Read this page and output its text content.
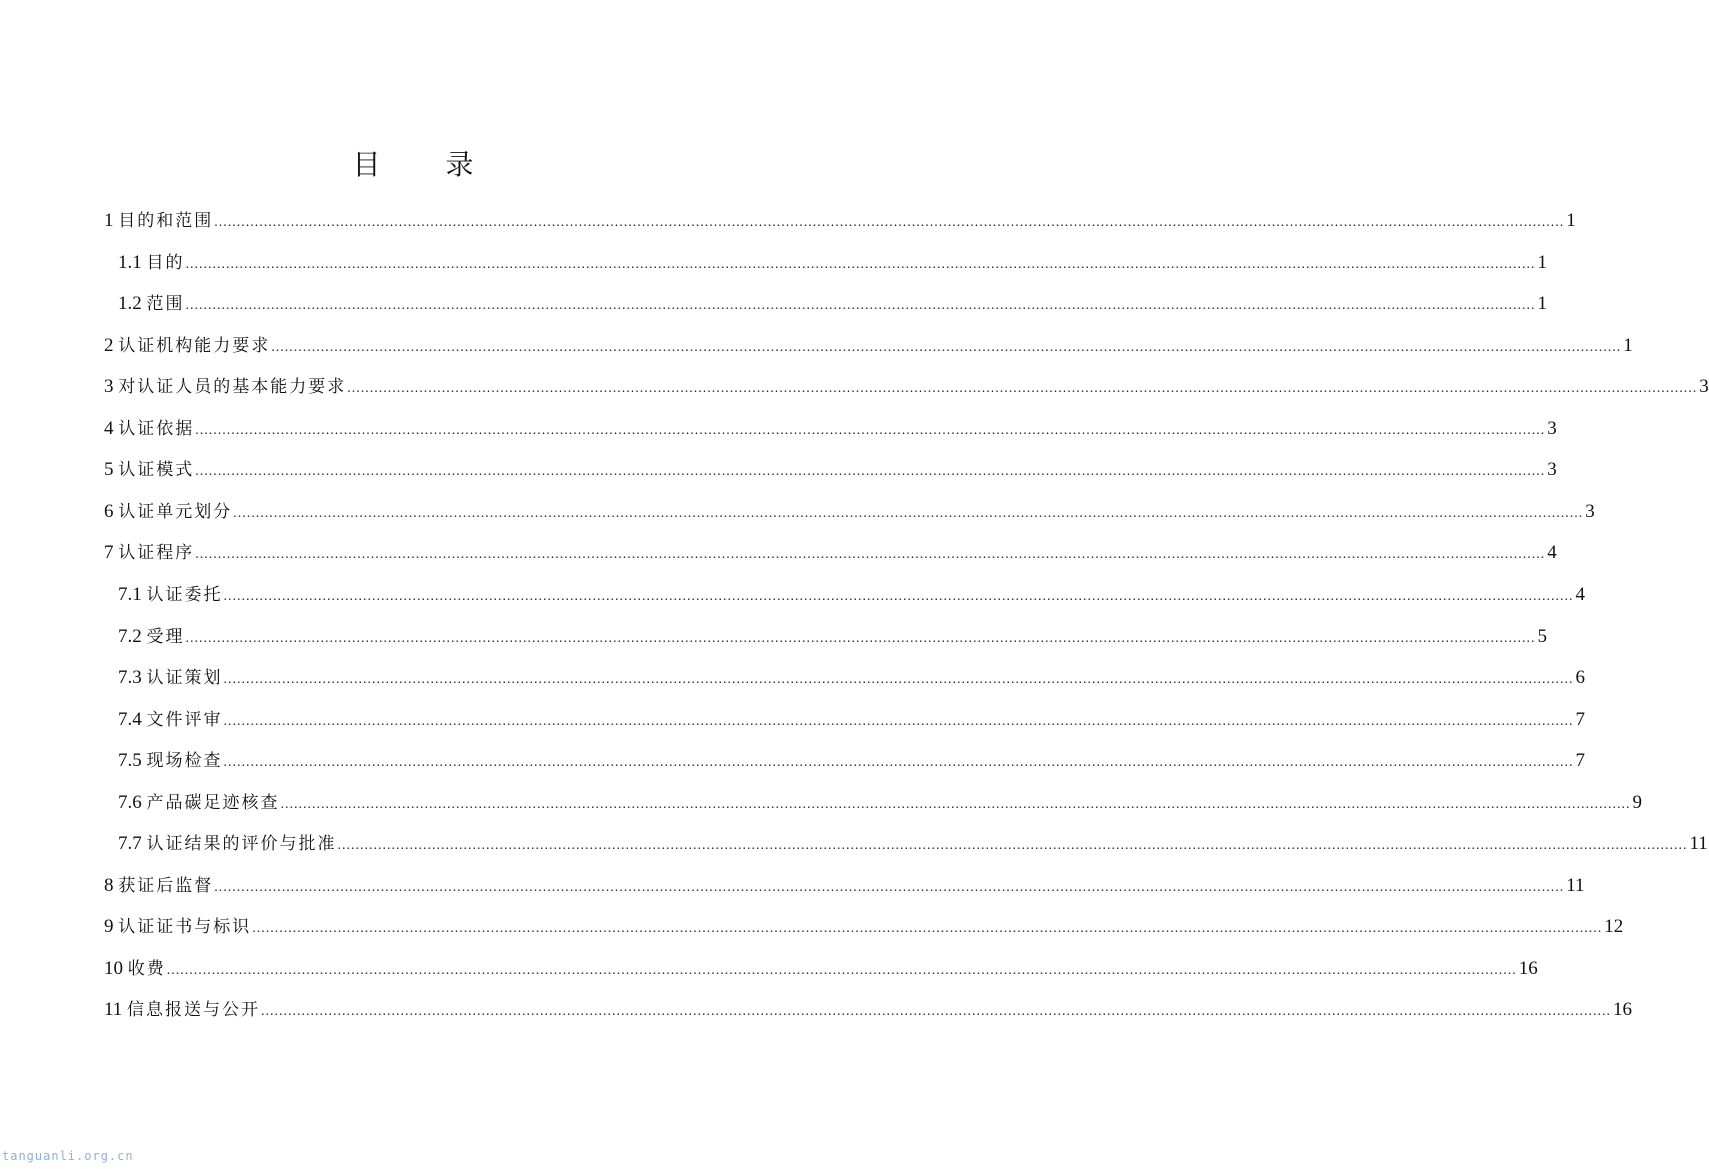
目 录
1 目的和范围 ............................................................................................................................................................................................................................................................................................................ 1
1.1 目的 ............................................................................................................................................................................................................................................................................................................ 1
1.2 范围 ............................................................................................................................................................................................................................................................................................................ 1
2 认证机构能力要求 ............................................................................................................................................................................................................................................................................................................ 1
3 对认证人员的基本能力要求 ............................................................................................................................................................................................................................................................................................................ 3
4 认证依据 ............................................................................................................................................................................................................................................................................................................ 3
5 认证模式 ............................................................................................................................................................................................................................................................................................................ 3
6 认证单元划分 ............................................................................................................................................................................................................................................................................................................ 3
7 认证程序 ............................................................................................................................................................................................................................................................................................................ 4
7.1 认证委托 ............................................................................................................................................................................................................................................................................................................ 4
7.2 受理 ............................................................................................................................................................................................................................................................................................................ 5
7.3 认证策划 ............................................................................................................................................................................................................................................................................................................ 6
7.4 文件评审 ............................................................................................................................................................................................................................................................................................................ 7
7.5 现场检查 ............................................................................................................................................................................................................................................................................................................ 7
7.6 产品碳足迹核查 ............................................................................................................................................................................................................................................................................................................ 9
7.7 认证结果的评价与批准 ............................................................................................................................................................................................................................................................................................................ 11
8 获证后监督 ............................................................................................................................................................................................................................................................................................................ 11
9 认证证书与标识 ............................................................................................................................................................................................................................................................................................................ 12
10 收费 ............................................................................................................................................................................................................................................................................................................ 16
11 信息报送与公开 ............................................................................................................................................................................................................................................................................................................ 16
tanguanli.org.cn
